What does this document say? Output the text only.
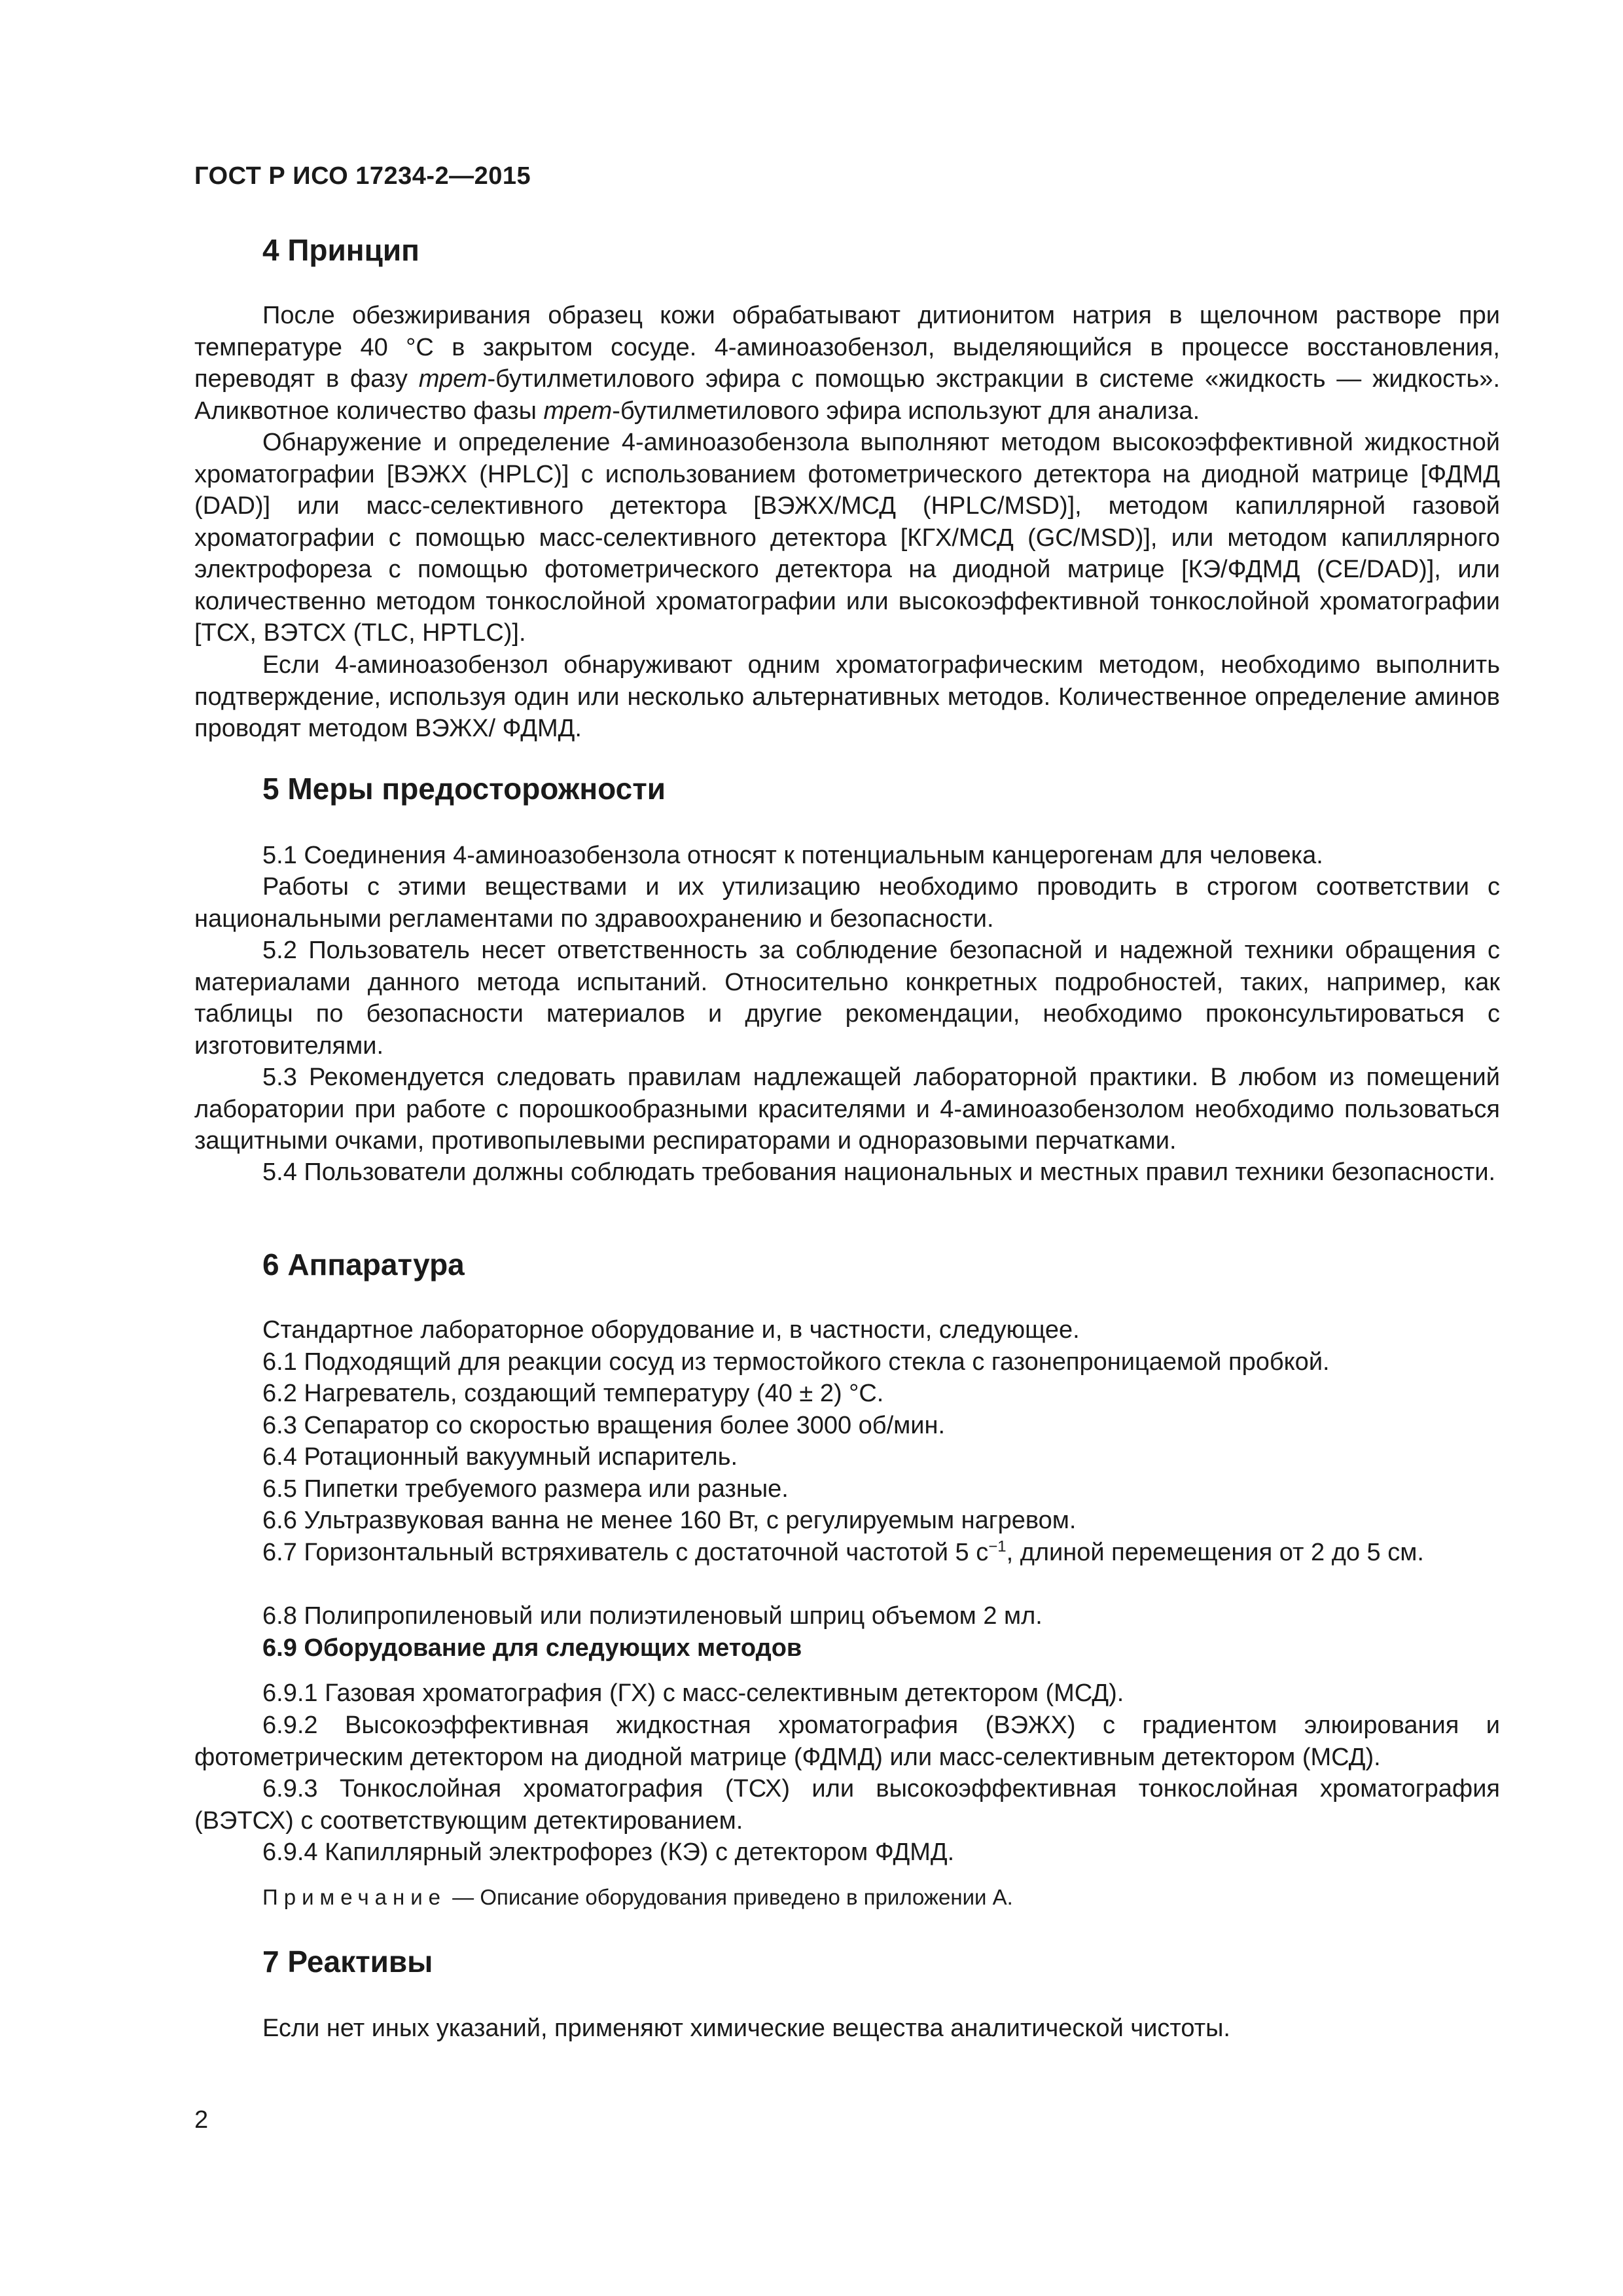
ГОСТ Р ИСО 17234-2—2015
4 Принцип

После обезжиривания образец кожи обрабатывают дитионитом натрия в щелочном растворе при температуре 40 °С в закрытом сосуде. 4-аминоазобензол, выделяющийся в процессе восстановления, переводят в фазу трет-бутилметилового эфира с помощью экстракции в системе «жидкость — жидкость». Аликвотное количество фазы трет-бутилметилового эфира используют для анализа.

Обнаружение и определение 4-аминоазобензола выполняют методом высокоэффективной жидкостной хроматографии [ВЭЖХ (HPLC)] с использованием фотометрического детектора на диодной матрице [ФДМД (DAD)] или масс-селективного детектора [ВЭЖХ/МСД (HPLC/MSD)], методом капиллярной газовой хроматографии с помощью масс-селективного детектора [КГХ/МСД (GC/MSD)], или методом капиллярного электрофореза с помощью фотометрического детектора на диодной матрице [КЭ/ФДМД (CE/DAD)], или количественно методом тонкослойной хроматографии или высокоэффективной тонкослойной хроматографии [ТСХ, ВЭТСХ (TLC, HPTLC)].

Если 4-аминоазобензол обнаруживают одним хроматографическим методом, необходимо выполнить подтверждение, используя один или несколько альтернативных методов. Количественное определение аминов проводят методом ВЭЖХ/ ФДМД.

5 Меры предосторожности

5.1 Соединения 4-аминоазобензола относят к потенциальным канцерогенам для человека.

Работы с этими веществами и их утилизацию необходимо проводить в строгом соответствии с национальными регламентами по здравоохранению и безопасности.

5.2 Пользователь несет ответственность за соблюдение безопасной и надежной техники обращения с материалами данного метода испытаний. Относительно конкретных подробностей, таких, например, как таблицы по безопасности материалов и другие рекомендации, необходимо проконсультироваться с изготовителями.

5.3 Рекомендуется следовать правилам надлежащей лабораторной практики. В любом из помещений лаборатории при работе с порошкообразными красителями и 4-аминоазобензолом необходимо пользоваться защитными очками, противопылевыми респираторами и одноразовыми перчатками.

5.4 Пользователи должны соблюдать требования национальных и местных правил техники безопасности.

6 Аппаратура

Стандартное лабораторное оборудование и, в частности, следующее.

6.1 Подходящий для реакции сосуд из термостойкого стекла с газонепроницаемой пробкой.

6.2 Нагреватель, создающий температуру (40 ± 2) °С.

6.3 Сепаратор со скоростью вращения более 3000 об/мин.

6.4 Ротационный вакуумный испаритель.

6.5 Пипетки требуемого размера или разные.

6.6 Ультразвуковая ванна не менее 160 Вт, с регулируемым нагревом.

6.7 Горизонтальный встряхиватель с достаточной частотой 5 $с^{-1}$, длиной перемещения от 2 до 5 см.

6.8 Полипропиленовый или полиэтиленовый шприц объемом 2 мл.

6.9 Оборудование для следующих методов

6.9.1 Газовая хроматография (ГХ) с масс-селективным детектором (МСД).

6.9.2 Высокоэффективная жидкостная хроматография (ВЭЖХ) с градиентом элюирования и фотометрическим детектором на диодной матрице (ФДМД) или масс-селективным детектором (МСД).

6.9.3 Тонкослойная хроматография (ТСХ) или высокоэффективная тонкослойная хроматография (ВЭТСХ) с соответствующим детектированием.

6.9.4 Капиллярный электрофорез (КЭ) с детектором ФДМД.

Примечание — Описание оборудования приведено в приложении А.
7 Реактивы

Если нет иных указаний, применяют химические вещества аналитической чистоты.

2
